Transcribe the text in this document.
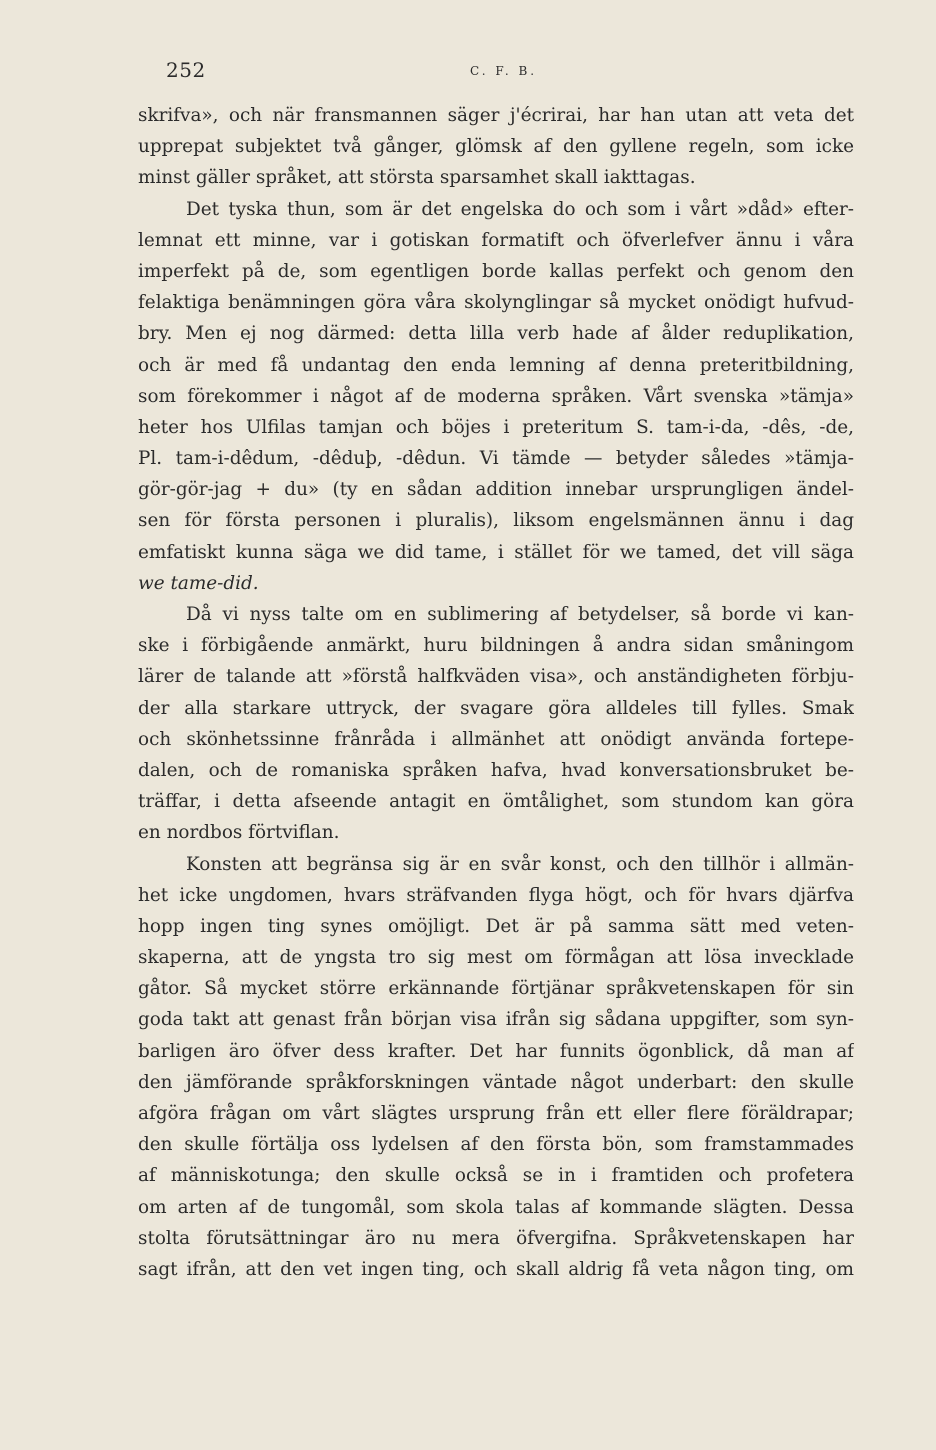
252	C. F. B.
skrifva», och när fransmannen säger j'écrirai, har han utan att veta det
upprepat subjektet två gånger, glömsk af den gyllene regeln, som icke
minst gäller språket, att största sparsamhet skall iakttagas.
Det tyska thun, som är det engelska do och som i vårt »dåd» efter-
lemnat ett minne, var i gotiskan formatift och öfverlefver ännu i våra
imperfekt på de, som egentligen borde kallas perfekt och genom den
felaktiga benämningen göra våra skolynglingar så mycket onödigt hufvud-
bry. Men ej nog därmed: detta lilla verb hade af ålder reduplikation,
och är med få undantag den enda lemning af denna preteritbildning,
som förekommer i något af de moderna språken. Vårt svenska »tämja»
heter hos Ulfilas tamjan och böjes i preteritum S. tam-i-da, -dês, -de,
Pl. tam-i-dêdum, -dêduþ, -dêdun. Vi tämde — betyder således »tämja-
gör-gör-jag + du» (ty en sådan addition innebar ursprungligen ändel-
sen för första personen i pluralis), liksom engelsmännen ännu i dag
emfatiskt kunna säga we did tame, i stället för we tamed, det vill säga
we tame-did.
Då vi nyss talte om en sublimering af betydelser, så borde vi kan-
ske i förbigående anmärkt, huru bildningen å andra sidan småningom
lärer de talande att »förstå halfkväden visa», och anständigheten förbju-
der alla starkare uttryck, der svagare göra alldeles till fylles. Smak
och skönhetssinne frånråda i allmänhet att onödigt använda fortepe-
dalen, och de romaniska språken hafva, hvad konversationsbruket be-
träffar, i detta afseende antagit en ömtålighet, som stundom kan göra
en nordbos förtviflan.
Konsten att begränsa sig är en svår konst, och den tillhör i allmän-
het icke ungdomen, hvars sträfvanden flyga högt, och för hvars djärfva
hopp ingen ting synes omöjligt. Det är på samma sätt med veten-
skaperna, att de yngsta tro sig mest om förmågan att lösa invecklade
gåtor. Så mycket större erkännande förtjänar språkvetenskapen för sin
goda takt att genast från början visa ifrån sig sådana uppgifter, som syn-
barligen äro öfver dess krafter. Det har funnits ögonblick, då man af
den jämförande språkforskningen väntade något underbart: den skulle
afgöra frågan om vårt slägtes ursprung från ett eller flere föräldrapar;
den skulle förtälja oss lydelsen af den första bön, som framstammades
af människotunga; den skulle också se in i framtiden och profetera
om arten af de tungomål, som skola talas af kommande slägten. Dessa
stolta förutsättningar äro nu mera öfvergifna. Språkvetenskapen har
sagt ifrån, att den vet ingen ting, och skall aldrig få veta någon ting, om
